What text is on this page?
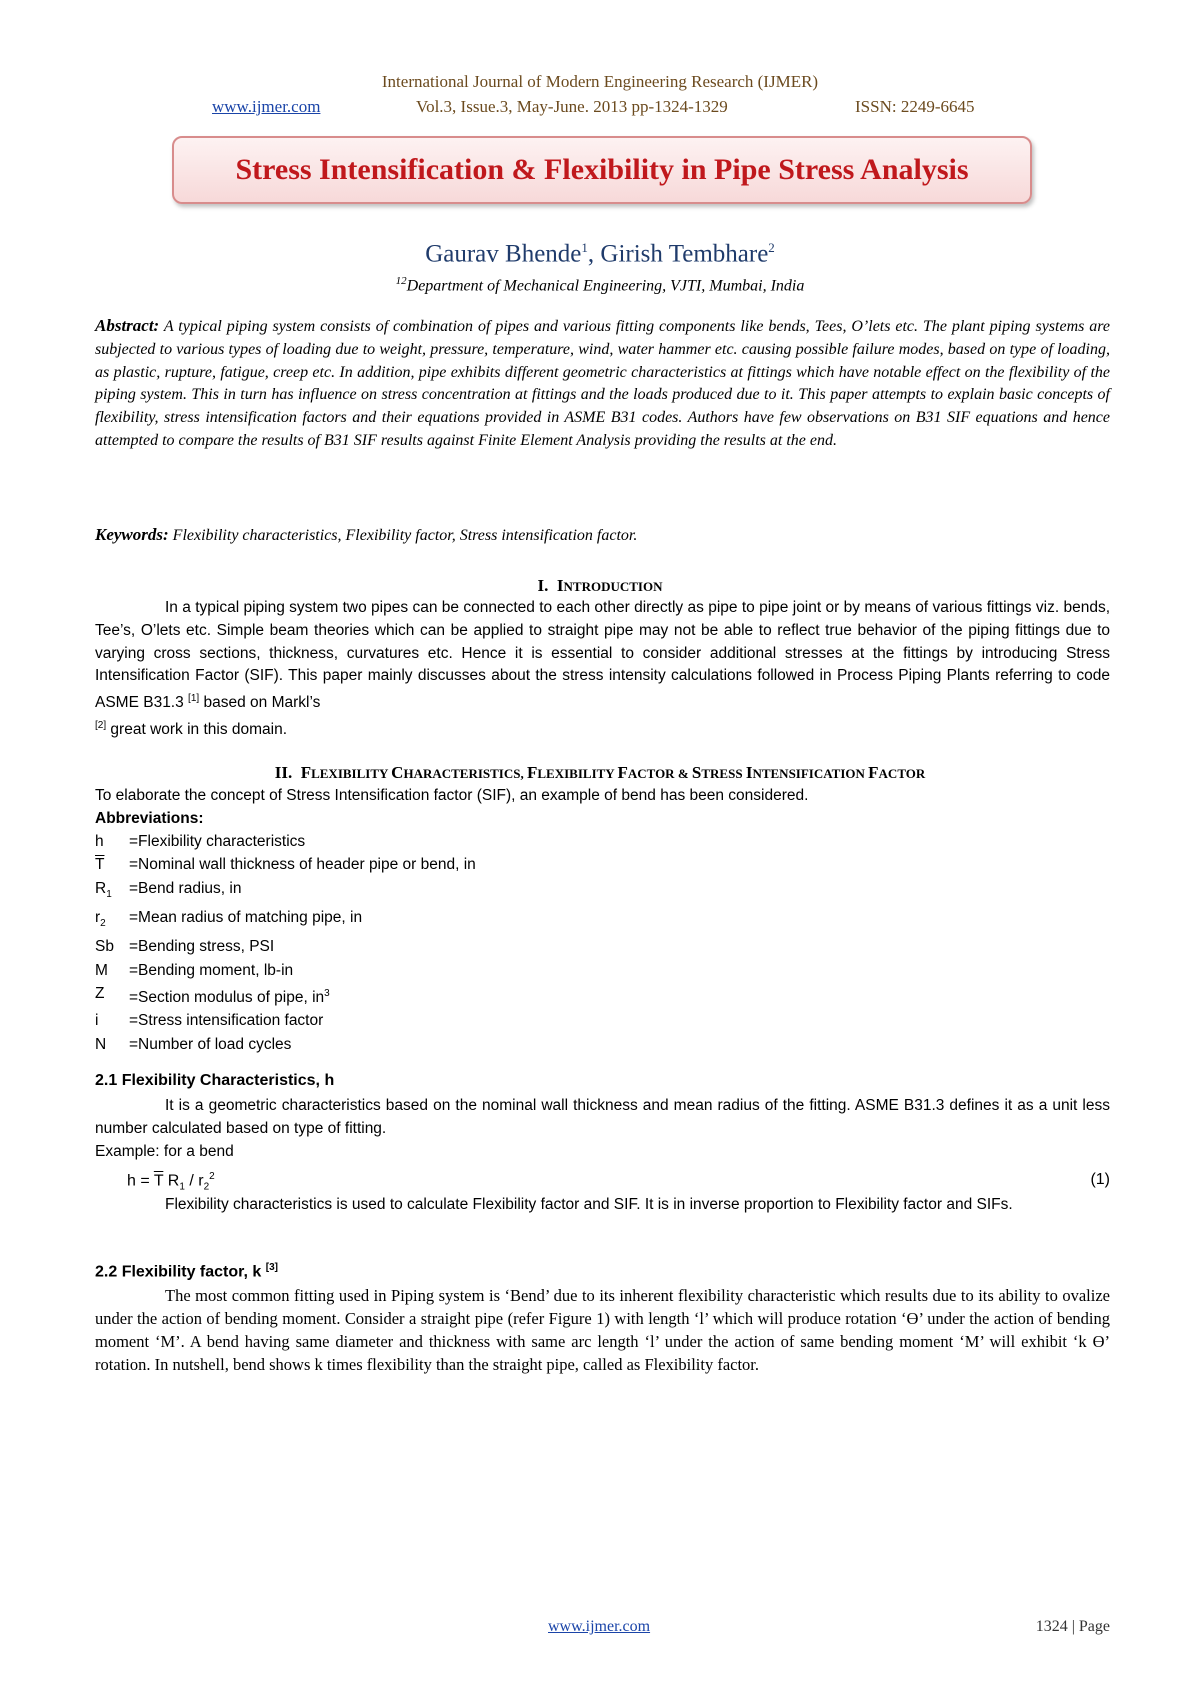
International Journal of Modern Engineering Research (IJMER)
www.ijmer.com	Vol.3, Issue.3, May-June. 2013 pp-1324-1329	ISSN: 2249-6645
Stress Intensification & Flexibility in Pipe Stress Analysis
Gaurav Bhende$^1$, Girish Tembhare$^2$
$^{12}$Department of Mechanical Engineering, VJTI, Mumbai, India
Abstract: A typical piping system consists of combination of pipes and various fitting components like bends, Tees, O’lets etc. The plant piping systems are subjected to various types of loading due to weight, pressure, temperature, wind, water hammer etc. causing possible failure modes, based on type of loading, as plastic, rupture, fatigue, creep etc. In addition, pipe exhibits different geometric characteristics at fittings which have notable effect on the flexibility of the piping system. This in turn has influence on stress concentration at fittings and the loads produced due to it. This paper attempts to explain basic concepts of flexibility, stress intensification factors and their equations provided in ASME B31 codes. Authors have few observations on B31 SIF equations and hence attempted to compare the results of B31 SIF results against Finite Element Analysis providing the results at the end.
Keywords: Flexibility characteristics, Flexibility factor, Stress intensification factor.
I. INTRODUCTION
In a typical piping system two pipes can be connected to each other directly as pipe to pipe joint or by means of various fittings viz. bends, Tee’s, O’lets etc. Simple beam theories which can be applied to straight pipe may not be able to reflect true behavior of the piping fittings due to varying cross sections, thickness, curvatures etc. Hence it is essential to consider additional stresses at the fittings by introducing Stress Intensification Factor (SIF). This paper mainly discusses about the stress intensity calculations followed in Process Piping Plants referring to code ASME B31.3 [1] based on Markl’s
[2] great work in this domain.
II. FLEXIBILITY CHARACTERISTICS, FLEXIBILITY FACTOR & STRESS INTENSIFICATION FACTOR
To elaborate the concept of Stress Intensification factor (SIF), an example of bend has been considered.
Abbreviations:
h	=Flexibility characteristics
$\overline{T}$	=Nominal wall thickness of header pipe or bend, in
$R_1$	=Bend radius, in
$r_2$	=Mean radius of matching pipe, in
Sb =Bending stress, PSI
M	=Bending moment, lb-in
Z	=Section modulus of pipe, $in^3$
i	=Stress intensification factor
N	=Number of load cycles
2.1 Flexibility Characteristics, h
It is a geometric characteristics based on the nominal wall thickness and mean radius of the fitting. ASME B31.3 defines it as a unit less number calculated based on type of fitting.
Example: for a bend
$h = \overline{T}$ $R_1 / r_2^2$	(1)
Flexibility characteristics is used to calculate Flexibility factor and SIF. It is in inverse proportion to Flexibility factor and SIFs.
2.2 Flexibility factor, k [3]
The most common fitting used in Piping system is ‘Bend’ due to its inherent flexibility characteristic which results due to its ability to ovalize under the action of bending moment. Consider a straight pipe (refer Figure 1) with length ‘l’ which will produce rotation ‘ϴ’ under the action of bending moment ‘M’. A bend having same diameter and thickness with same arc length ‘l’ under the action of same bending moment ‘M’ will exhibit ‘k ϴ’ rotation. In nutshell, bend shows k times flexibility than the straight pipe, called as Flexibility factor.
www.ijmer.com	1324 | Page
